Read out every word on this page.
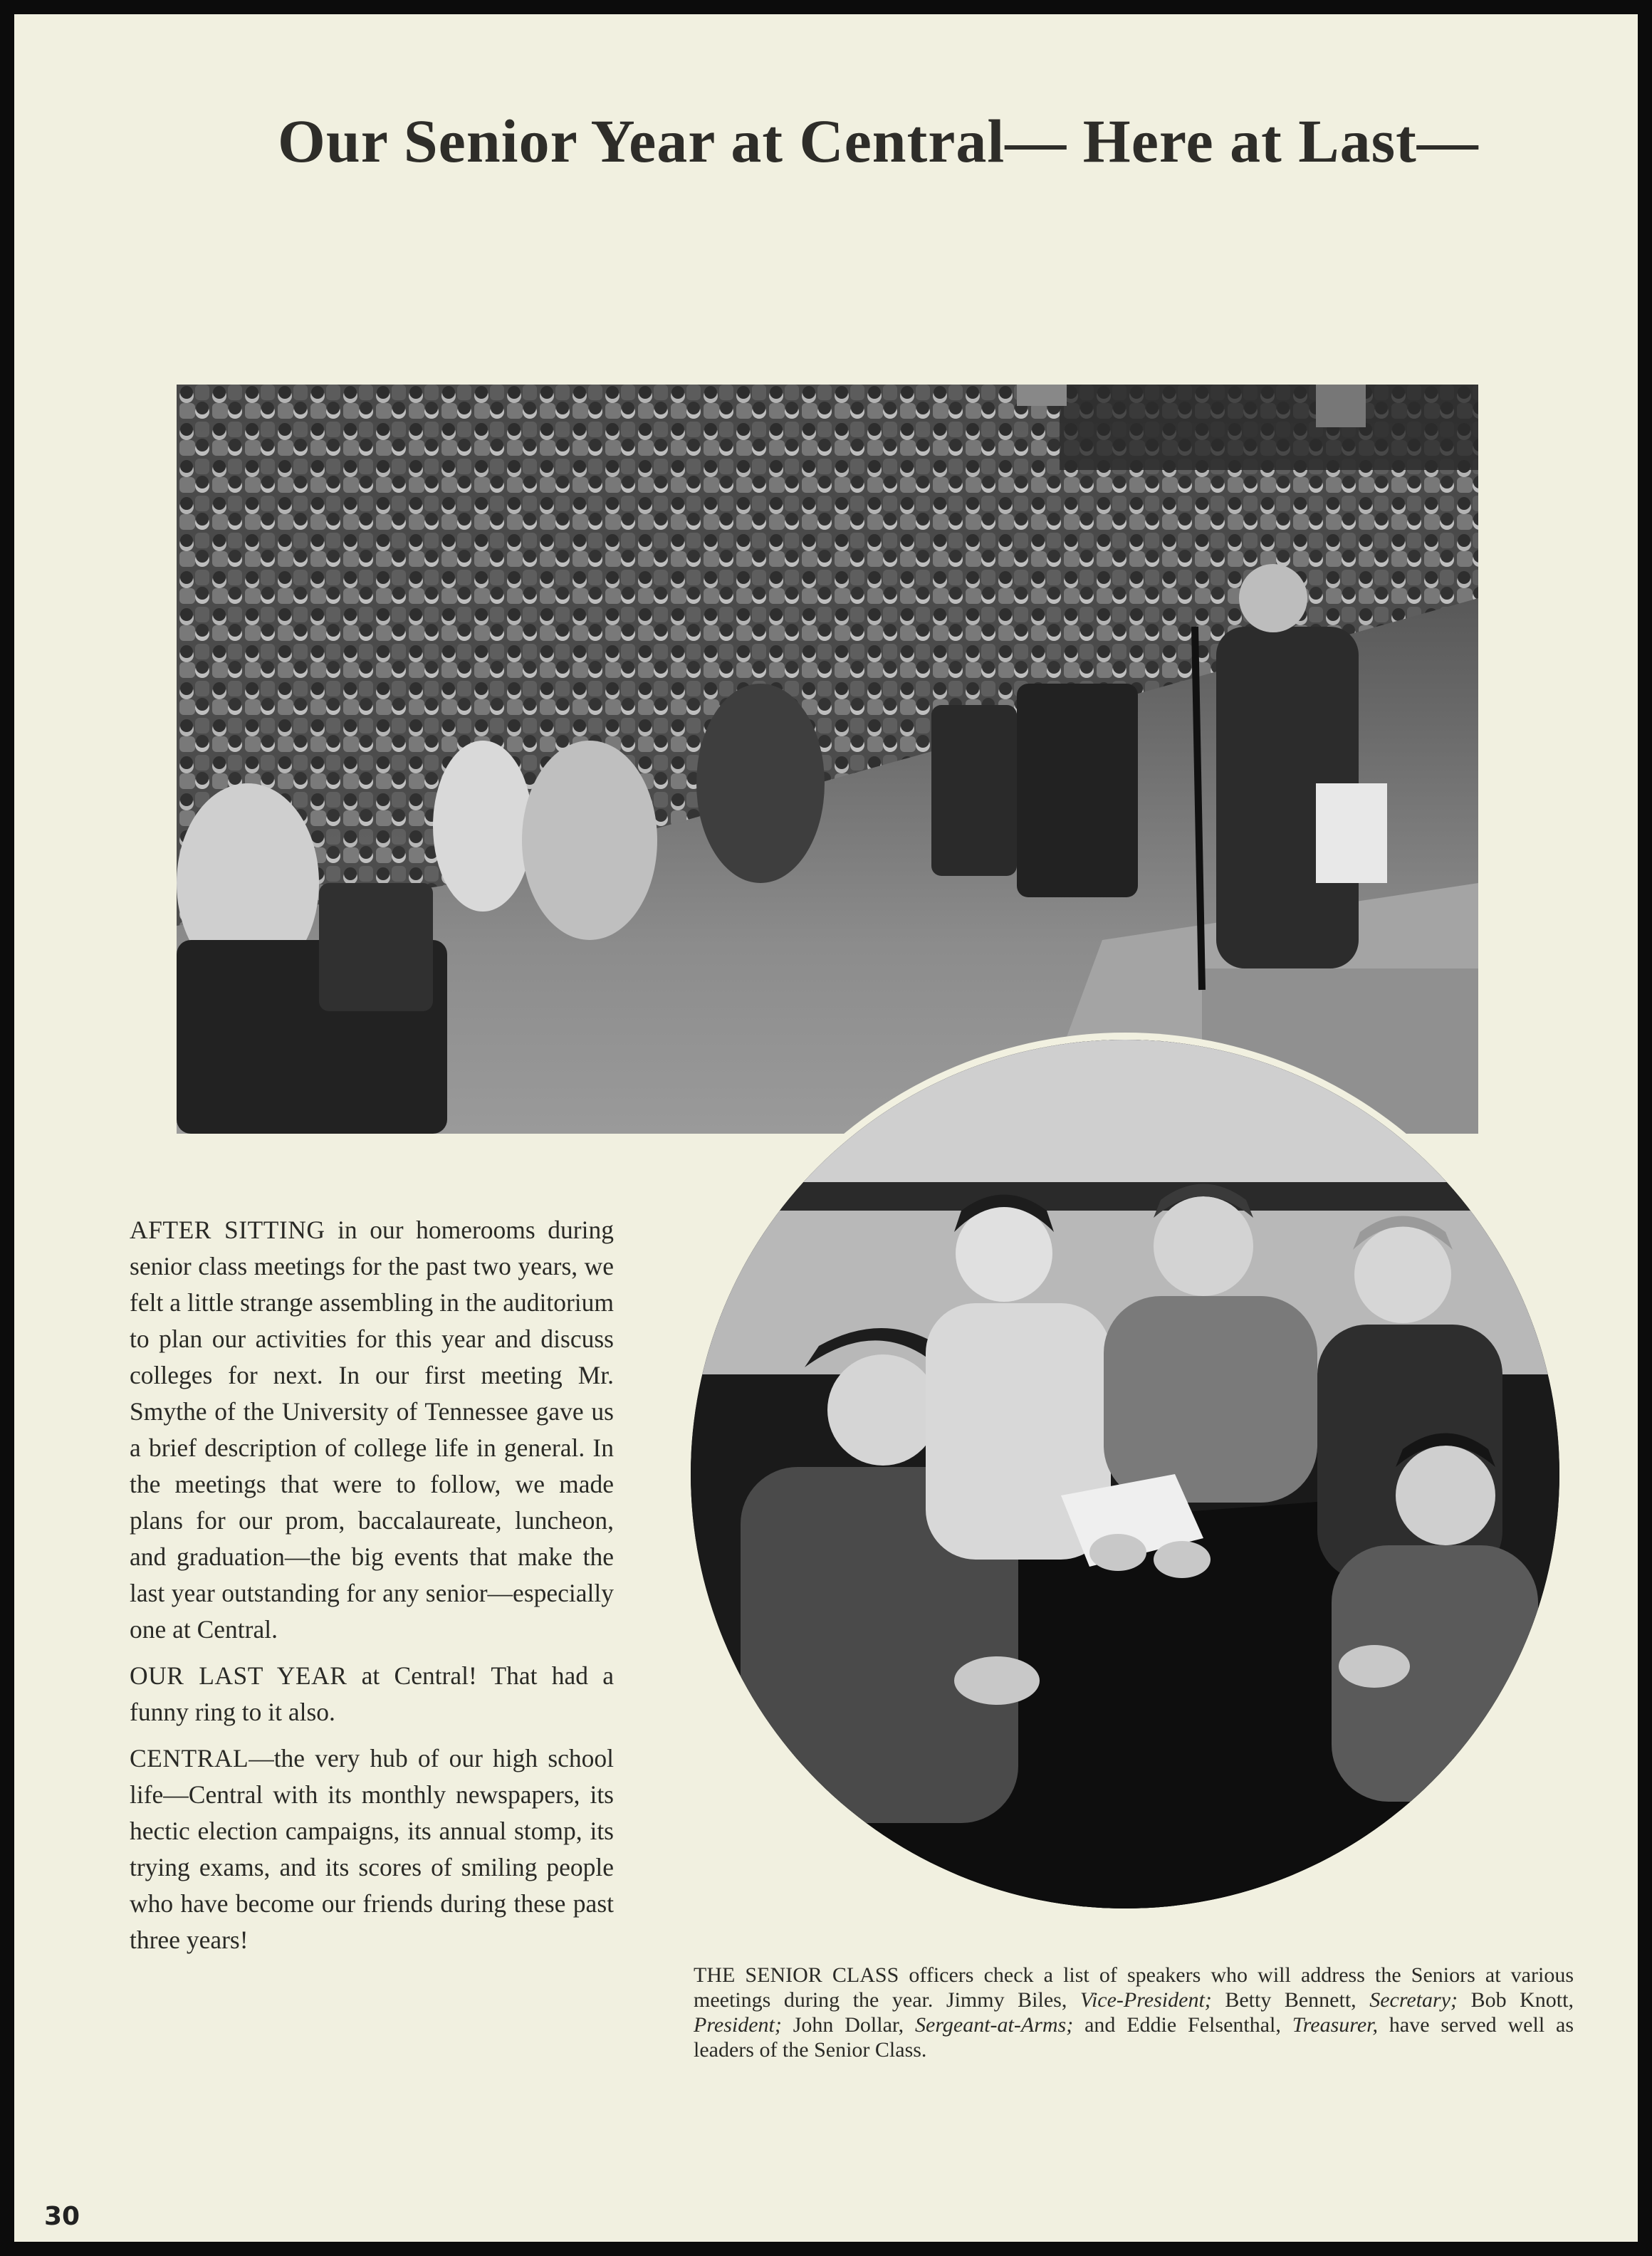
Our Senior Year at Central— Here at Last—

AFTER SITTING in our homerooms during senior class meetings for the past two years, we felt a little strange assembling in the auditorium to plan our activities for this year and discuss colleges for next. In our first meeting Mr. Smythe of the University of Tennessee gave us a brief description of college life in general. In the meetings that were to follow, we made plans for our prom, baccalaureate, luncheon, and graduation—the big events that make the last year outstanding for any senior—especially one at Central.

OUR LAST YEAR at Central! That had a funny ring to it also.

CENTRAL—the very hub of our high school life—Central with its monthly newspapers, its hectic election campaigns, its annual stomp, its trying exams, and its scores of smiling people who have become our friends during these past three years!

THE SENIOR CLASS officers check a list of speakers who will address the Seniors at various meetings during the year. Jimmy Biles, Vice-President; Betty Bennett, Secretary; Bob Knott, President; John Dollar, Sergeant-at-Arms; and Eddie Felsenthal, Treasurer, have served well as leaders of the Senior Class.

30
